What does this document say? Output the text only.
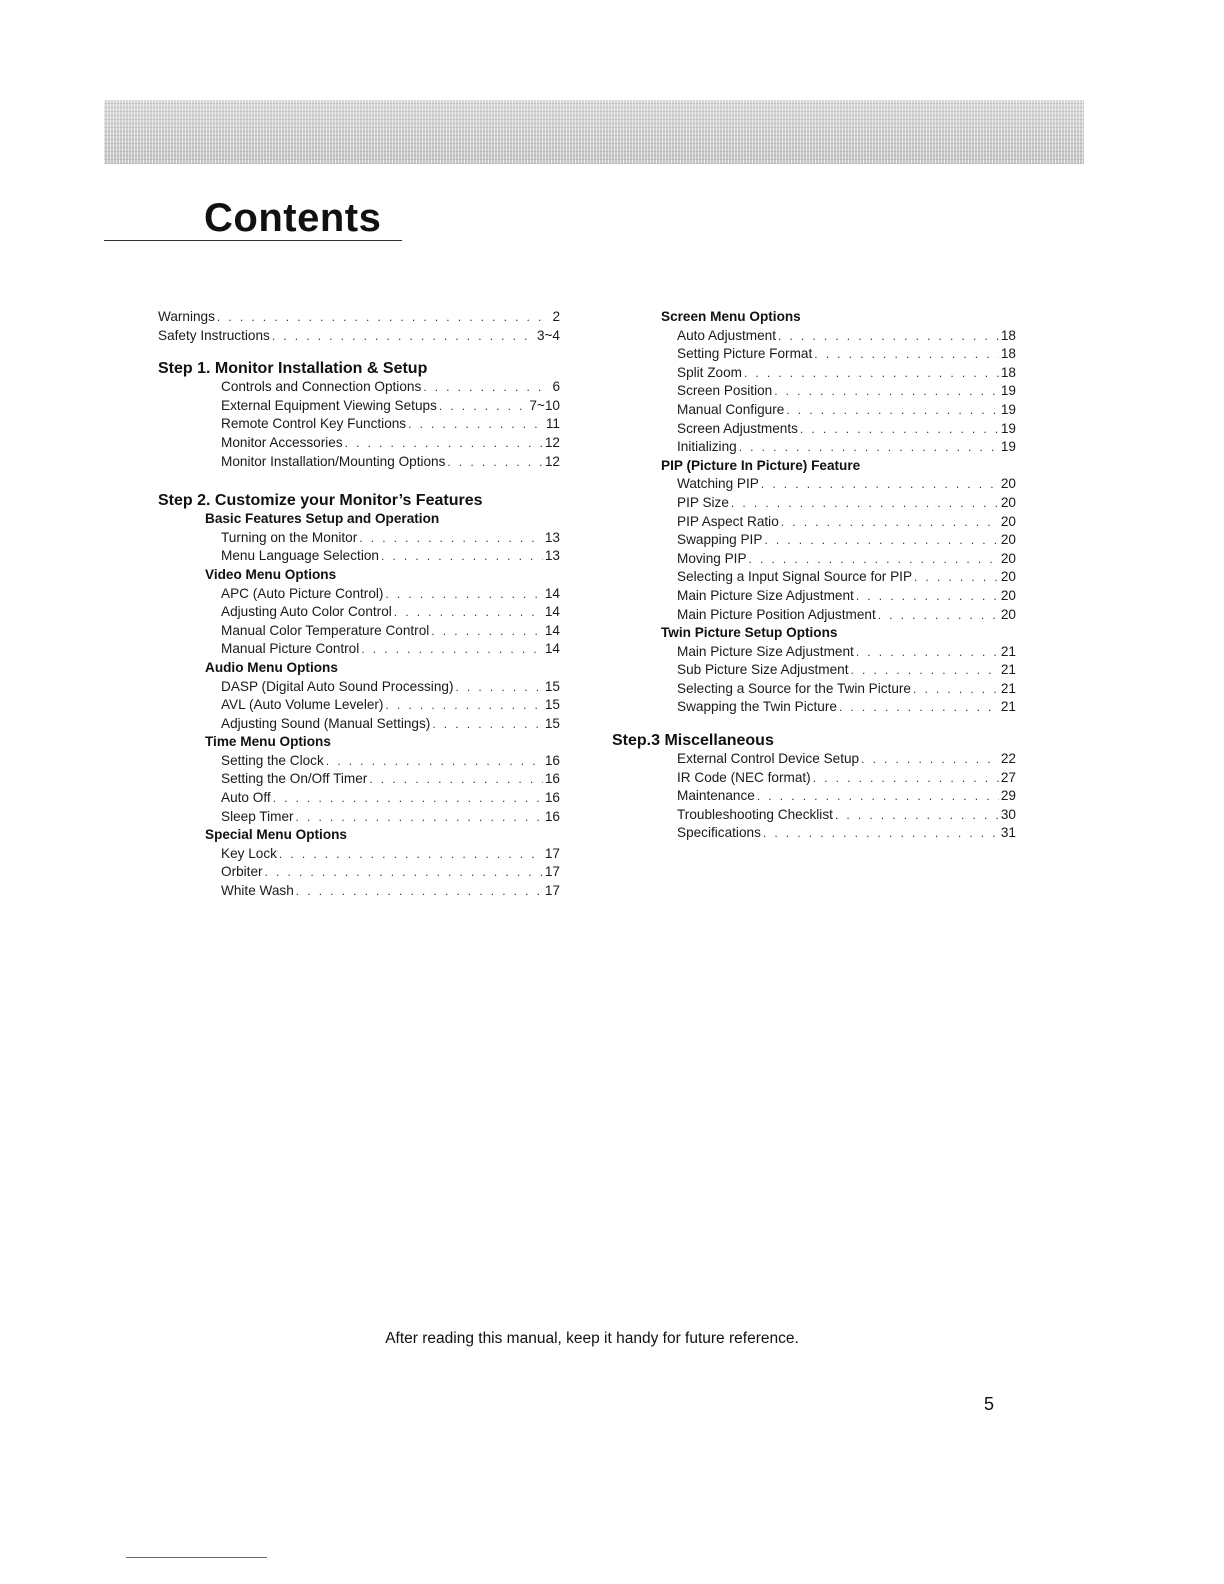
Contents
Warnings . . .	2
Safety Instructions . . .	3~4
Step 1. Monitor Installation & Setup
Controls and Connection Options . . .	6
External Equipment Viewing Setups . . .	7~10
Remote Control Key Functions . . .	11
Monitor Accessories . . .	12
Monitor Installation/Mounting Options . . .	12
Step 2. Customize your Monitor’s Features
Basic Features Setup and Operation
Turning on the Monitor . . .	13
Menu Language Selection . . .	13
Video Menu Options
APC (Auto Picture Control) . . .	14
Adjusting Auto Color Control . . .	14
Manual Color Temperature Control . . .	14
Manual Picture Control . . .	14
Audio Menu Options
DASP (Digital Auto Sound Processing) . . .	15
AVL (Auto Volume Leveler) . . .	15
Adjusting Sound (Manual Settings) . . .	15
Time Menu Options
Setting the Clock . . .	16
Setting the On/Off Timer . . .	16
Auto Off . . .	16
Sleep Timer . . .	16
Special Menu Options
Key Lock . . .	17
Orbiter . . .	17
White Wash . . .	17
Screen Menu Options
Auto Adjustment . . .	18
Setting Picture Format . . .	18
Split Zoom . . .	18
Screen Position . . .	19
Manual Configure . . .	19
Screen Adjustments . . .	19
Initializing . . .	19
PIP (Picture In Picture) Feature
Watching PIP . . .	20
PIP Size . . .	20
PIP Aspect Ratio . . .	20
Swapping PIP . . .	20
Moving PIP . . .	20
Selecting a Input Signal Source for PIP . . .	20
Main Picture Size Adjustment . . .	20
Main Picture Position Adjustment . . .	20
Twin Picture Setup Options
Main Picture Size Adjustment . . .	21
Sub Picture Size Adjustment . . .	21
Selecting a Source for the Twin Picture . . .	21
Swapping the Twin Picture . . .	21
Step.3 Miscellaneous
External Control Device Setup . . .	22
IR Code (NEC format) . . .	27
Maintenance . . .	29
Troubleshooting Checklist . . .	30
Specifications . . .	31
After reading this manual, keep it handy for future reference.
5
